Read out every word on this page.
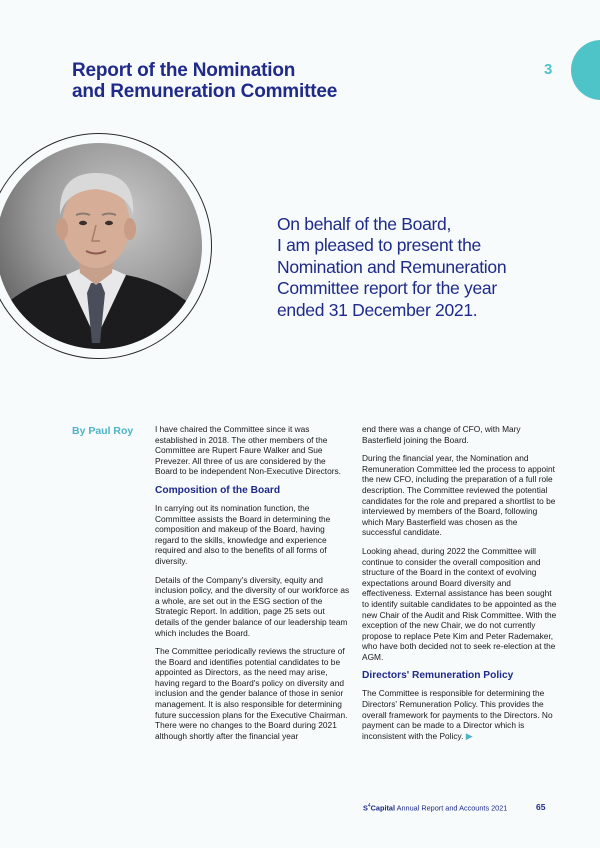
Report of the Nomination
and Remuneration Committee
3
On behalf of the Board,
I am pleased to present the
Nomination and Remuneration
Committee report for the year
ended 31 December 2021.
By Paul Roy	I have chaired the Committee since it was established in 2018. The other members of the Committee are Rupert Faure Walker and Sue Prevezer. All three of us are considered by the Board to be independent Non-Executive Directors.

Composition of the Board

In carrying out its nomination function, the Committee assists the Board in determining the composition and makeup of the Board, having regard to the skills, knowledge and experience required and also to the benefits of all forms of diversity.

Details of the Company's diversity, equity and inclusion policy, and the diversity of our workforce as a whole, are set out in the ESG section of the Strategic Report. In addition, page 25 sets out details of the gender balance of our leadership team which includes the Board.

The Committee periodically reviews the structure of the Board and identifies potential candidates to be appointed as Directors, as the need may arise, having regard to the Board's policy on diversity and inclusion and the gender balance of those in senior management. It is also responsible for determining future succession plans for the Executive Chairman. There were no changes to the Board during 2021 although shortly after the financial year

end there was a change of CFO, with Mary Basterfield joining the Board.

During the financial year, the Nomination and Remuneration Committee led the process to appoint the new CFO, including the preparation of a full role description. The Committee reviewed the potential candidates for the role and prepared a shortlist to be interviewed by members of the Board, following which Mary Basterfield was chosen as the successful candidate.

Looking ahead, during 2022 the Committee will continue to consider the overall composition and structure of the Board in the context of evolving expectations around Board diversity and effectiveness. External assistance has been sought to identify suitable candidates to be appointed as the new Chair of the Audit and Risk Committee. With the exception of the new Chair, we do not currently propose to replace Pete Kim and Peter Rademaker, who have both decided not to seek re-election at the AGM.

Directors' Remuneration Policy

The Committee is responsible for determining the Directors' Remuneration Policy. This provides the overall framework for payments to the Directors. No payment can be made to a Director which is inconsistent with the Policy. ▶

$S^4Capital$ Annual Report and Accounts 2021	65
